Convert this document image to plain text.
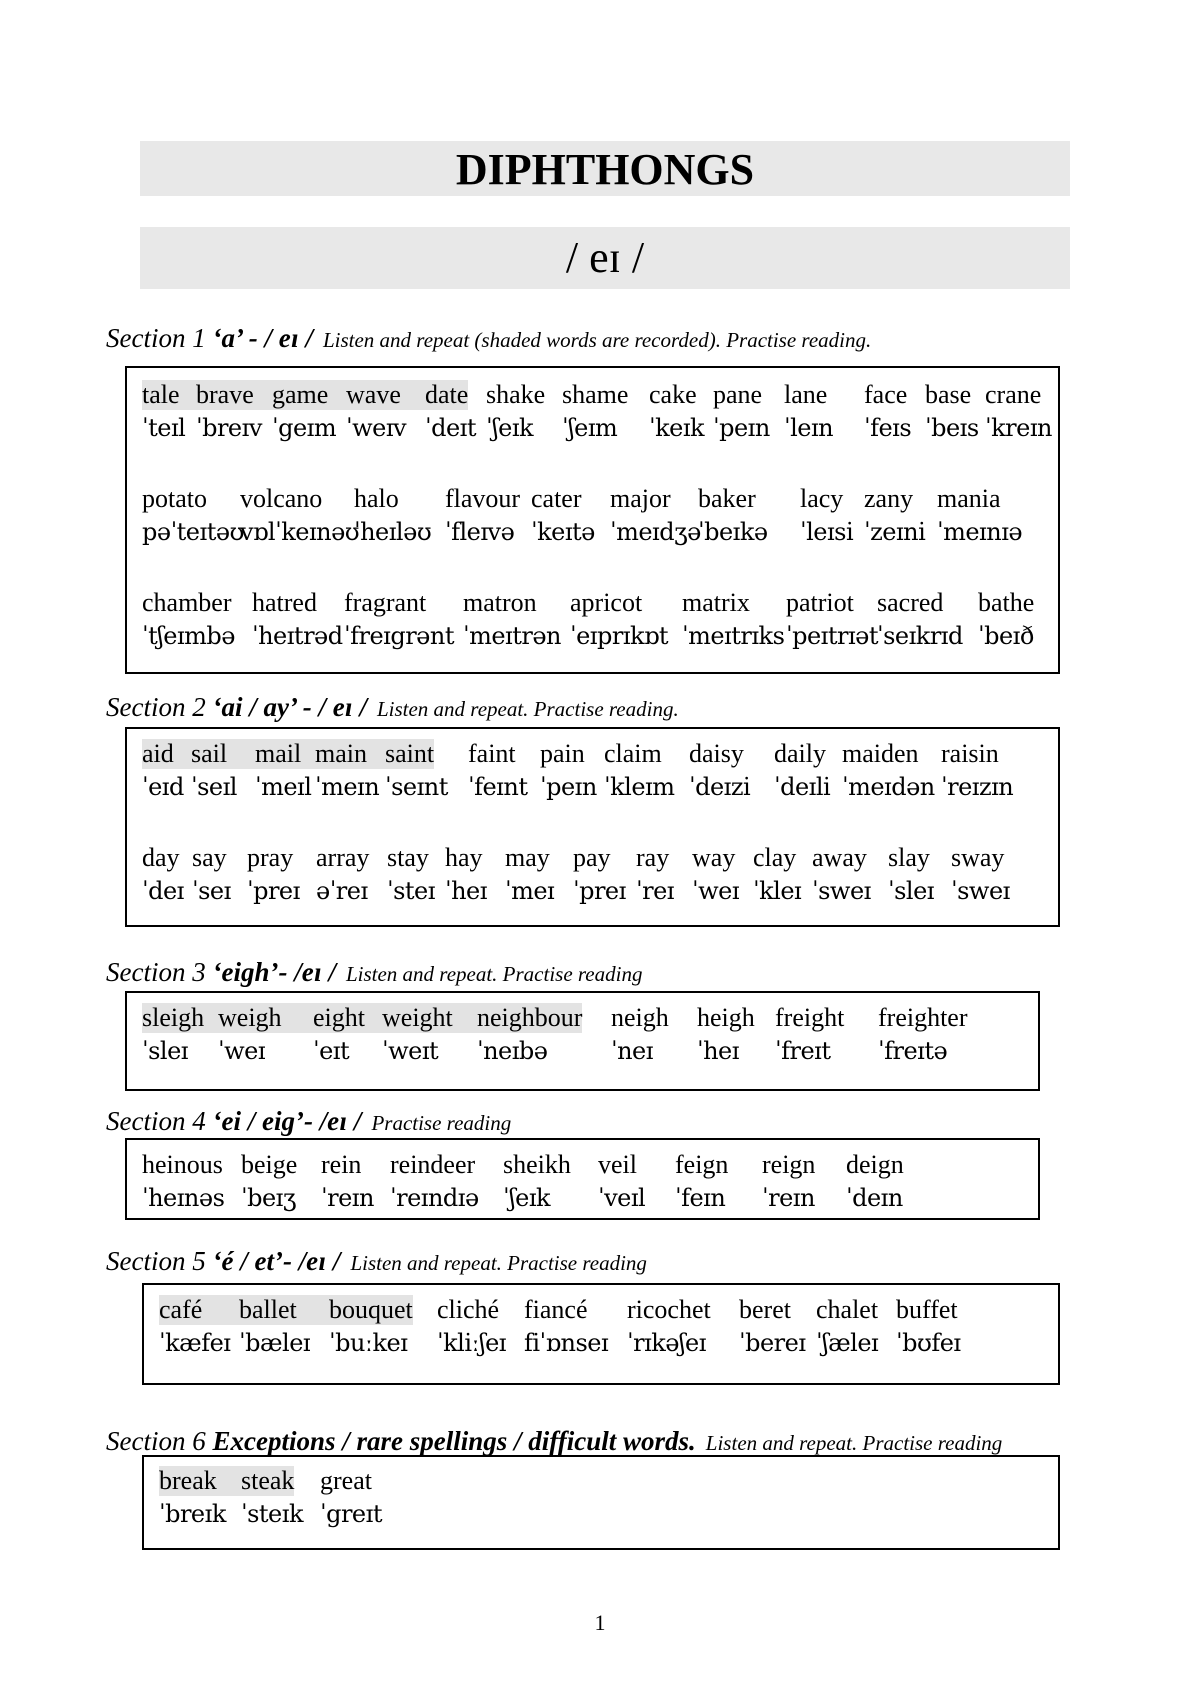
DIPHTHONGS
/ eɪ /
Section 1 ‘a’ - / eɪ / Listen and repeat (shaded words are recorded). Practise reading.
tale brave game wave date shake shame cake pane lane face base crane
ˈteɪl ˈbreɪv ˈgeɪm ˈweɪv ˈdeɪt ˈʃeɪk ˈʃeɪm ˈkeɪk ˈpeɪn ˈleɪn ˈfeɪs ˈbeɪs ˈkreɪn
potato volcano halo flavour cater major baker lacy zany mania
pəˈteɪtəʊ
vɒlˈkeɪnəʊ
ˈheɪləʊ ˈfleɪvə ˈkeɪtə ˈmeɪdʒə
ˈbeɪkə ˈleɪsi ˈzeɪni ˈmeɪnɪə
chamber hatred fragrant matron apricot matrix patriot sacred bathe
ˈtʃeɪmbə ˈheɪtrəd ˈfreɪgrənt ˈmeɪtrən ˈeɪprɪkɒt ˈmeɪtrɪks ˈpeɪtrɪət ˈseɪkrɪd ˈbeɪð
Section 2 ‘ai / ay’ - / eɪ / Listen and repeat. Practise reading.
aid sail mail main saint faint pain claim daisy daily maiden raisin
ˈeɪd ˈseɪl ˈmeɪl ˈmeɪn ˈseɪnt ˈfeɪnt ˈpeɪn ˈkleɪm ˈdeɪzi ˈdeɪli ˈmeɪdən ˈreɪzɪn
day say pray array stay hay may pay ray way clay away slay sway
ˈdeɪ ˈseɪ ˈpreɪ əˈreɪ ˈsteɪ ˈheɪ ˈmeɪ ˈpreɪ ˈreɪ ˈweɪ ˈkleɪ ˈsweɪ ˈsleɪ ˈsweɪ
Section 3 ‘eigh’- /eɪ / Listen and repeat. Practise reading
sleigh weigh eight weight neighbour neigh heigh freight freighter
ˈsleɪ ˈweɪ ˈeɪt ˈweɪt ˈneɪbə	ˈneɪ ˈheɪ ˈfreɪt ˈfreɪtə
Section 4 ‘ei / eig’- /eɪ / Practise reading
heinous beige rein reindeer sheikh veil feign reign deign
ˈheɪnəs ˈbeɪʒ ˈreɪn ˈreɪndɪə ˈʃeɪk ˈveɪl ˈfeɪn ˈreɪn ˈdeɪn
Section 5 ‘é / et’- /eɪ / Listen and repeat. Practise reading
café ballet bouquet cliché fiancé ricochet beret chalet buffet
ˈkæfeɪ ˈbæleɪ ˈbuːkeɪ ˈkliːʃeɪ fiˈɒnseɪ ˈrɪkəʃeɪ ˈbereɪ ˈʃæleɪ ˈbʊfeɪ
Section 6 Exceptions / rare spellings / difficult words. Listen and repeat. Practise reading
break steak great
ˈbreɪk ˈsteɪk ˈgreɪt
1
